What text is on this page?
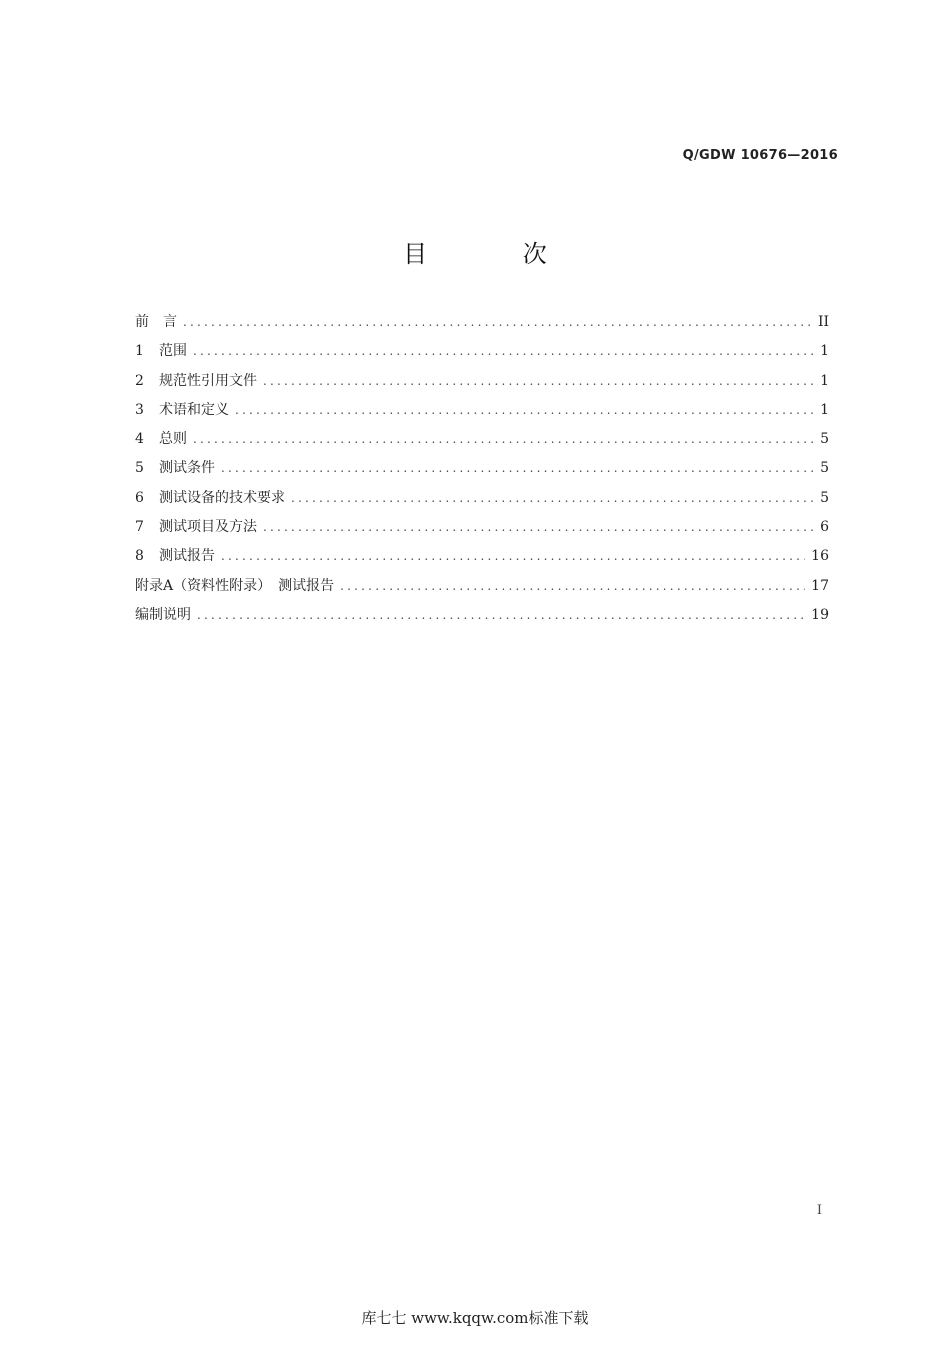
Q/GDW 10676—2016
目 次
前　言 .....	II
1	范围 .....	1
2	规范性引用文件 .....	1
3	术语和定义 .....	1
4	总则 .....	5
5	测试条件 .....	5
6	测试设备的技术要求 .....	5
7	测试项目及方法 .....	6
8	测试报告 .....	16
附录A（资料性附录）　测试报告 .....	17
编制说明 .....	19
I
库七七 www.kqqw.com标准下载
